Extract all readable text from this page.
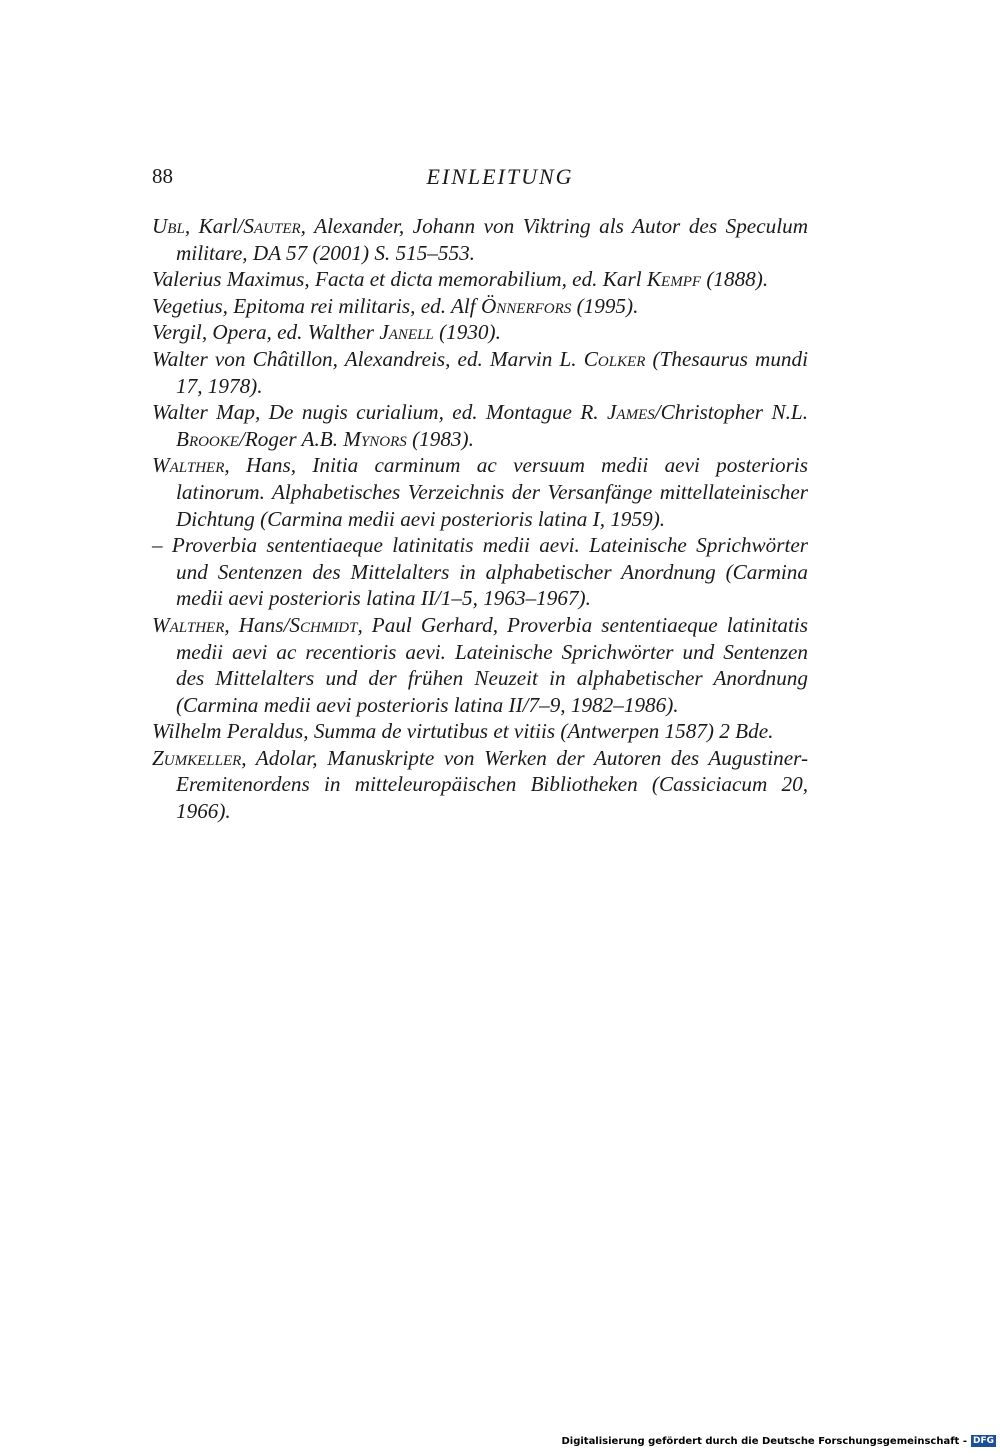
88	EINLEITUNG

Ubl, Karl/Sauter, Alexander, Johann von Viktring als Autor des Speculum militare, DA 57 (2001) S. 515–553.

Valerius Maximus, Facta et dicta memorabilium, ed. Karl Kempf (1888).

Vegetius, Epitoma rei militaris, ed. Alf Önnerfors (1995).

Vergil, Opera, ed. Walther Janell (1930).

Walter von Châtillon, Alexandreis, ed. Marvin L. Colker (Thesaurus mundi 17, 1978).

Walter Map, De nugis curialium, ed. Montague R. James/Christopher N.L. Brooke/Roger A.B. Mynors (1983).

Walther, Hans, Initia carminum ac versuum medii aevi posterioris latinorum. Alphabetisches Verzeichnis der Versanfänge mittellateinischer Dichtung (Carmina medii aevi posterioris latina I, 1959).

– Proverbia sententiaeque latinitatis medii aevi. Lateinische Sprichwörter und Sentenzen des Mittelalters in alphabetischer Anordnung (Carmina medii aevi posterioris latina II/1–5, 1963–1967).

Walther, Hans/Schmidt, Paul Gerhard, Proverbia sententiaeque latinitatis medii aevi ac recentioris aevi. Lateinische Sprichwörter und Sentenzen des Mittelalters und der frühen Neuzeit in alphabetischer Anordnung (Carmina medii aevi posterioris latina II/7–9, 1982–1986).

Wilhelm Peraldus, Summa de virtutibus et vitiis (Antwerpen 1587) 2 Bde.

Zumkeller, Adolar, Manuskripte von Werken der Autoren des Augustiner-Eremitenordens in mitteleuropäischen Bibliotheken (Cassiciacum 20, 1966).

Digitalisierung gefördert durch die Deutsche Forschungsgemeinschaft - DFG
